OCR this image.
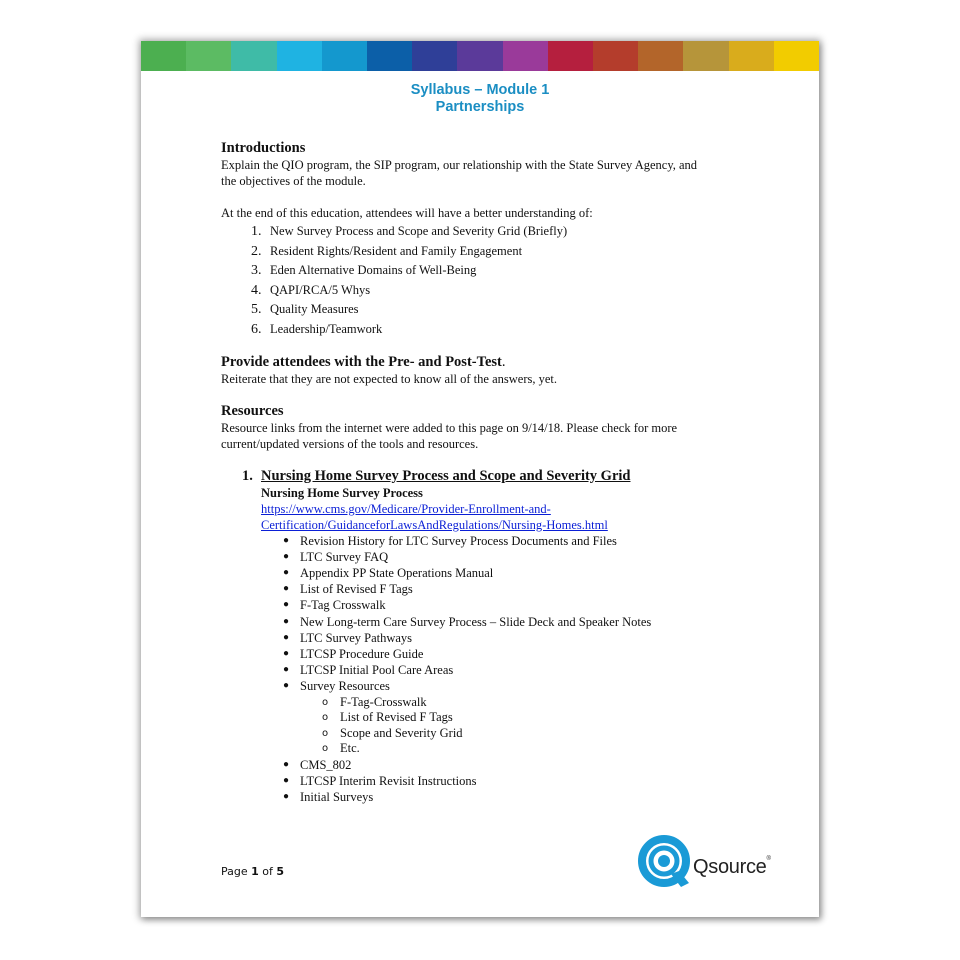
Syllabus – Module 1
Partnerships
Introductions
Explain the QIO program, the SIP program, our relationship with the State Survey Agency, and
the objectives of the module.
At the end of this education, attendees will have a better understanding of:
1. New Survey Process and Scope and Severity Grid (Briefly)
2. Resident Rights/Resident and Family Engagement
3. Eden Alternative Domains of Well-Being
4. QAPI/RCA/5 Whys
5. Quality Measures
6. Leadership/Teamwork
Provide attendees with the Pre- and Post-Test.
Reiterate that they are not expected to know all of the answers, yet.
Resources
Resource links from the internet were added to this page on 9/14/18. Please check for more
current/updated versions of the tools and resources.
1. Nursing Home Survey Process and Scope and Severity Grid
Nursing Home Survey Process
https://www.cms.gov/Medicare/Provider-Enrollment-and-
Certification/GuidanceforLawsAndRegulations/Nursing-Homes.html
● Revision History for LTC Survey Process Documents and Files
● LTC Survey FAQ
● Appendix PP State Operations Manual
● List of Revised F Tags
● F-Tag Crosswalk
● New Long-term Care Survey Process – Slide Deck and Speaker Notes
● LTC Survey Pathways
● LTCSP Procedure Guide
● LTCSP Initial Pool Care Areas
● Survey Resources
o F-Tag-Crosswalk
o List of Revised F Tags
o Scope and Severity Grid
o Etc.
● CMS_802
● LTCSP Interim Revisit Instructions
● Initial Surveys
Page 1 of 5	Qsource®
